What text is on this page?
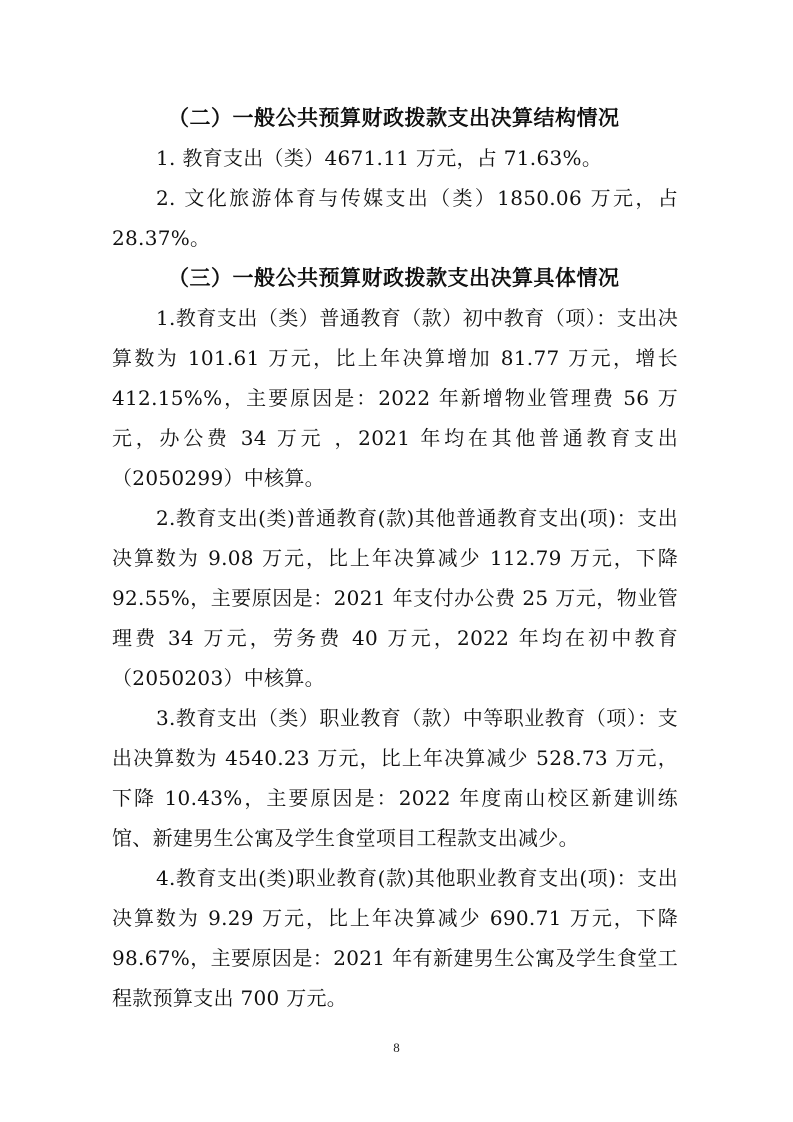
（二）一般公共预算财政拨款支出决算结构情况

1. 教育支出（类）4671.11 万元，占 71.63%。

2. 文化旅游体育与传媒支出（类）1850.06 万元，占 28.37%。

（三）一般公共预算财政拨款支出决算具体情况

1.教育支出（类）普通教育（款）初中教育（项）：支出决算数为 101.61 万元，比上年决算增加 81.77 万元，增长 412.15%%，主要原因是：2022 年新增物业管理费 56 万元，办公费 34 万元 ，2021 年均在其他普通教育支出（2050299）中核算。

2.教育支出(类)普通教育(款)其他普通教育支出(项)：支出决算数为 9.08 万元，比上年决算减少 112.79 万元，下降 92.55%，主要原因是：2021 年支付办公费 25 万元，物业管理费 34 万元，劳务费 40 万元，2022 年均在初中教育（2050203）中核算。

3.教育支出（类）职业教育（款）中等职业教育（项）：支出决算数为 4540.23 万元，比上年决算减少 528.73 万元，下降 10.43%，主要原因是：2022 年度南山校区新建训练馆、新建男生公寓及学生食堂项目工程款支出减少。

4.教育支出(类)职业教育(款)其他职业教育支出(项)：支出决算数为 9.29 万元，比上年决算减少 690.71 万元，下降 98.67%，主要原因是：2021 年有新建男生公寓及学生食堂工程款预算支出 700 万元。

8
